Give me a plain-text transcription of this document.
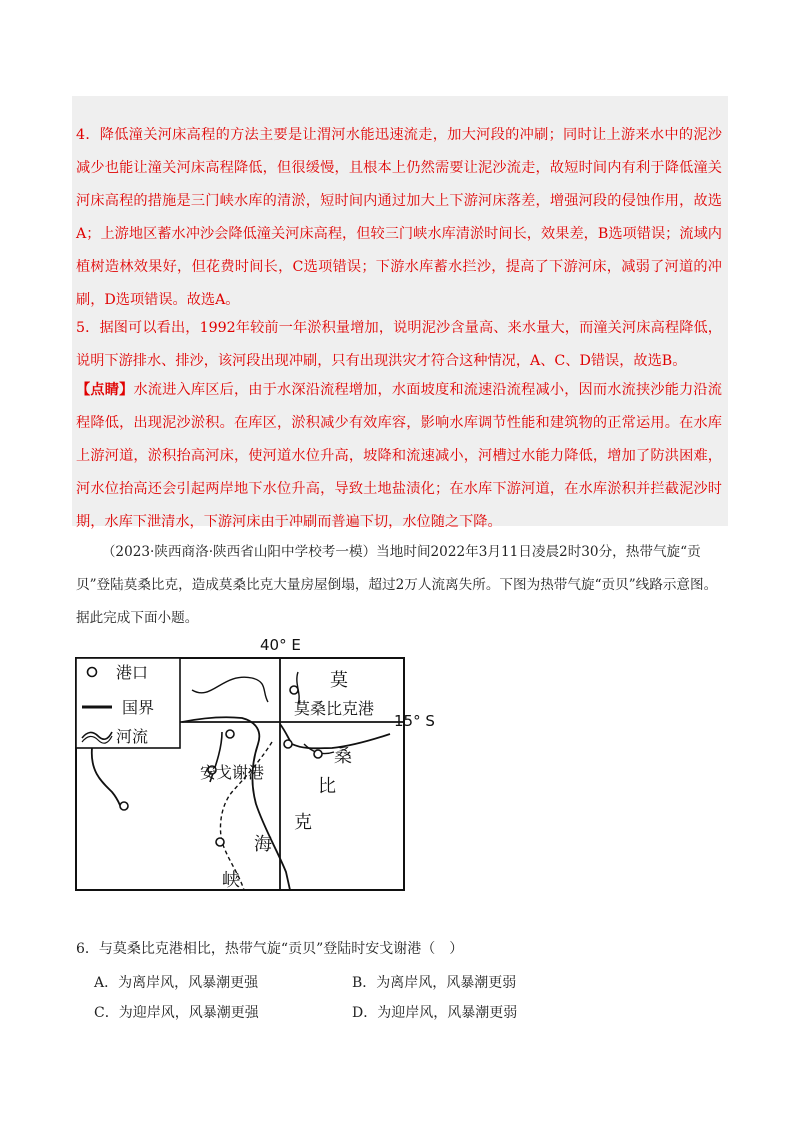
4．降低潼关河床高程的方法主要是让渭河水能迅速流走，加大河段的冲刷；同时让上游来水中的泥沙减少也能让潼关河床高程降低，但很缓慢，且根本上仍然需要让泥沙流走，故短时间内有利于降低潼关河床高程的措施是三门峡水库的清淤，短时间内通过加大上下游河床落差，增强河段的侵蚀作用，故选A；上游地区蓄水冲沙会降低潼关河床高程，但较三门峡水库清淤时间长，效果差，B选项错误；流域内植树造林效果好，但花费时间长，C选项错误；下游水库蓄水拦沙，提高了下游河床，减弱了河道的冲刷，D选项错误。故选A。
5．据图可以看出，1992年较前一年淤积量增加，说明泥沙含量高、来水量大，而潼关河床高程降低，说明下游排水、排沙，该河段出现冲刷，只有出现洪灾才符合这种情况，A、C、D错误，故选B。
【点睛】水流进入库区后，由于水深沿流程增加，水面坡度和流速沿流程减小，因而水流挟沙能力沿流程降低，出现泥沙淤积。在库区，淤积减少有效库容，影响水库调节性能和建筑物的正常运用。在水库上游河道，淤积抬高河床，使河道水位升高，坡降和流速减小，河槽过水能力降低，增加了防洪困难，河水位抬高还会引起两岸地下水位升高，导致土地盐渍化；在水库下游河道，在水库淤积并拦截泥沙时期，水库下泄清水，下游河床由于冲刷而普遍下切，水位随之下降。
（2023·陕西商洛·陕西省山阳中学校考一模）当地时间2022年3月11日凌晨2时30分，热带气旋“贡贝”登陆莫桑比克，造成莫桑比克大量房屋倒塌，超过2万人流离失所。下图为热带气旋“贡贝”线路示意图。据此完成下面小题。
港口
国界
河流
40° E
15° S
莫
莫桑比克港
桑
比
克
安戈谢港
海
峡
6．与莫桑比克港相比，热带气旋“贡贝”登陆时安戈谢港（　）
A．为离岸风，风暴潮更强	B．为离岸风，风暴潮更弱
C．为迎岸风，风暴潮更强	D．为迎岸风，风暴潮更弱
